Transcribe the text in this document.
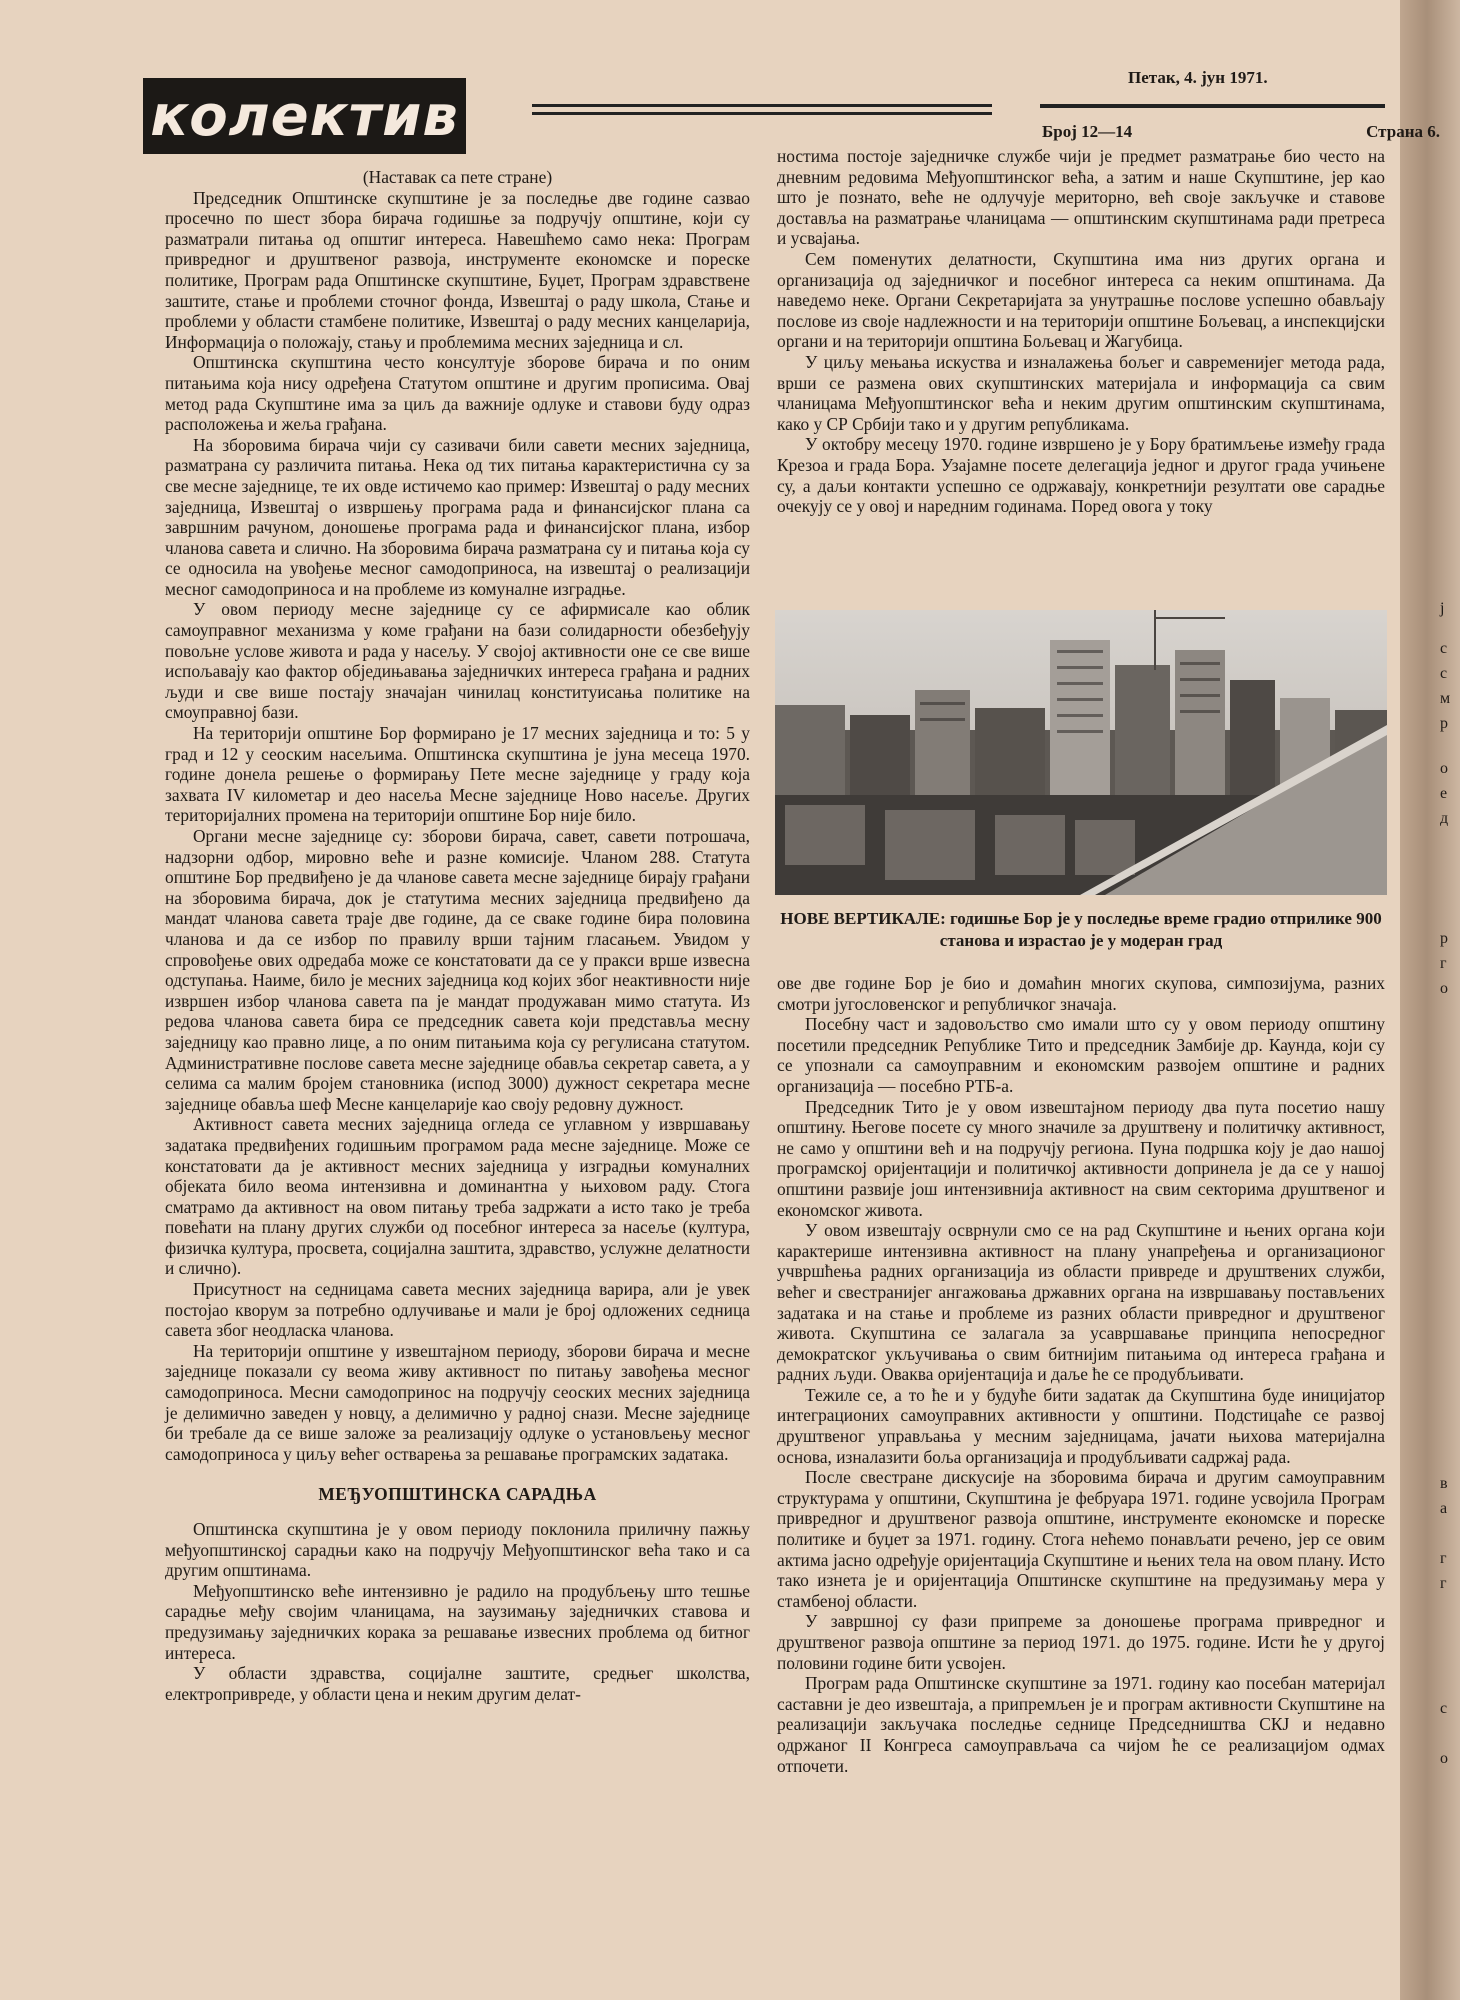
колектив
Петак, 4. јун 1971.
Број 12—14	Страна 6.

(Наставак са пете стране)

Председник Општинске скупштине је за последње две године сазвао просечно по шест збора бирача годишње за подручју општине, који су разматрали питања од општиг интереса. Навешћемо само нека: Програм привредног и друштвеног развоја, инструменте економске и пореске политике, Програм рада Општинске скупштине, Буџет, Програм здравствене заштите, стање и проблеми сточног фонда, Извештај о раду школа, Стање и проблеми у области стамбене политике, Извештај о раду месних канцеларија, Информација о положају, стању и проблемима месних заједница и сл.

Општинска скупштина често консултује зборове бирача и по оним питањима која нису одређена Статутом општине и другим прописима. Овај метод рада Скупштине има за циљ да важније одлуке и ставови буду одраз расположења и жеља грађана.

На зборовима бирача чији су сазивачи били савети месних заједница, разматрана су различита питања. Нека од тих питања карактеристична су за све месне заједнице, те их овде истичемо као пример: Извештај о раду месних заједница, Извештај о извршењу програма рада и финансијског плана са завршним рачуном, доношење програма рада и финансијског плана, избор чланова савета и слично. На зборовима бирача разматрана су и питања која су се односила на увођење месног самодоприноса, на извештај о реализацији месног самодоприноса и на проблеме из комуналне изградње.

У овом периоду месне заједнице су се афирмисале као облик самоуправног механизма у коме грађани на бази солидарности обезбеђују повољне услове живота и рада у насељу. У својој активности оне се све више испољавају као фактор обједињавања заједничких интереса грађана и радних људи и све више постају значајан чинилац конституисања политике на смоуправној бази.

На територији општине Бор формирано је 17 месних заједница и то: 5 у град и 12 у сеоским насељима. Општинска скупштина је јуна месеца 1970. године донела решење о формирању Пете месне заједнице у граду која захвата IV километар и део насеља Месне заједнице Ново насеље. Других територијалних промена на територији општине Бор није било.

Органи месне заједнице су: зборови бирача, савет, савети потрошача, надзорни одбор, мировно веће и разне комисије. Чланом 288. Статута општине Бор предвиђено је да чланове савета месне заједнице бирају грађани на зборовима бирача, док је статутима месних заједница предвиђено да мандат чланова савета траје две године, да се сваке године бира половина чланова и да се избор по правилу врши тајним гласањем. Увидом у спровођење ових одредаба може се констатовати да се у пракси врше извесна одступања. Наиме, било је месних заједница код којих због неактивности није извршен избор чланова савета па је мандат продужаван мимо статута. Из редова чланова савета бира се председник савета који представља месну заједницу као правно лице, а по оним питањима која су регулисана статутом. Административне послове савета месне заједнице обавља секретар савета, а у селима са малим бројем становника (испод 3000) дужност секретара месне заједнице обавља шеф Месне канцеларије као своју редовну дужност.

Активност савета месних заједница огледа се углавном у извршавању задатака предвиђених годишњим програмом рада месне заједнице. Може се констатовати да је активност месних заједница у изградњи комуналних објеката било веома интензивна и доминантна у њиховом раду. Стога сматрамо да активност на овом питању треба задржати а исто тако је треба повећати на плану других служби од посебног интереса за насеље (култура, физичка култура, просвета, социјална заштита, здравство, услужне делатности и слично).

Присутност на седницама савета месних заједница варира, али је увек постојао кворум за потребно одлучивање и мали је број одложених седница савета због неодласка чланова.

На територији општине у извештајном периоду, зборови бирача и месне заједнице показали су веома живу активност по питању завођења месног самодоприноса. Месни самодопринос на подручју сеоских месних заједница је делимично заведен у новцу, а делимично у радној снази. Месне заједнице би требале да се више заложе за реализацију одлуке о установљењу месног самодоприноса у циљу већег остварења за решавање програмских задатака.

МЕЂУОПШТИНСКА САРАДЊА

Општинска скупштина је у овом периоду поклонила приличну пажњу међуопштинској сарадњи како на подручју Међуопштинског већа тако и са другим општинама.

Међуопштинско веће интензивно је радило на продубљењу што тешње сарадње међу својим чланицама, на заузимању заједничких ставова и предузимању заједничких корака за решавање извесних проблема од битног интереса.

У области здравства, социјалне заштите, средњег школства, електропривреде, у области цена и неким другим делат-

ностима постоје заједничке службе чији је предмет разматрање био често на дневним редовима Међуопштинског већа, а затим и наше Скупштине, јер као што је познато, веће не одлучује меритoрно, већ своје закључке и ставове доставља на разматрање чланицама — општинским скупштинама ради претреса и усвајања.

Сем поменутих делатности, Скупштина има низ других органа и организација од заједничког и посебног интереса са неким општинама. Да наведемо неке. Органи Секретаријата за унутрашње послове успешно обављају послове из своје надлежности и на територији општине Бољевац, а инспекцијски органи и на територији општина Бољевац и Жагубица.

У циљу мењања искуства и изналажења бољег и савременијег метода рада, врши се размена ових скупштинских материјала и информација са свим чланицама Међуопштинског већа и неким другим општинским скупштинама, како у СР Србији тако и у другим републикама.

У октобру месецу 1970. године извршено је у Бору братимљење између града Крезоа и града Бора. Узајамне посете делегација једног и другог града учињене су, а даљи контакти успешно се одржавају, конкретнији резултати ове сарадње очекују се у овој и наредним годинама. Поред овога у току

НОВЕ ВЕРТИКАЛЕ: годишње Бор је у последње време градио отприлике 900 станова и израстао је у модеран град

ове две године Бор је био и домаћин многих скупова, симпозијума, разних смотри југословенског и републичког значаја.

Посебну част и задовољство смо имали што су у овом периоду општину посетили председник Републике Тито и председник Замбије др. Каунда, који су се упознали са самоуправним и економским развојем општине и радних организација — посебно РТБ-а.

Председник Тито је у овом извештајном периоду два пута посетио нашу општину. Његове посете су много значиле за друштвену и политичку активност, не само у општини већ и на подручју региона. Пуна подршка коју је дао нашој програмској оријентацији и политичкој активности допринела је да се у нашој општини развије још интензивнија активност на свим секторима друштвеног и економског живота.

У овом извештају осврнули смо се на рад Скупштине и њених органа који карактерише интензивна активност на плану унапређења и организационог учвршћења радних организација из области привреде и друштвених служби, већег и свестранијег ангажовања државних органа на извршавању постављених задатака и на стање и проблеме из разних области привредног и друштвеног живота. Скупштина се залагала за усавршавање принципа непосредног демократског укључивања о свим битнијим питањима од интереса грађана и радних људи. Оваква оријентација и даље ће се продубљивати.

Тежиле се, а то ће и у будуће бити задатак да Скупштина буде иницијатор интеграционих самоуправних активности у општини. Подстицаће се развој друштвеног управљања у месним заједницама, јачати њихова материјална основа, изналазити боља организација и продубљивати садржај рада.

После свестране дискусије на зборовима бирача и другим самоуправним структурама у општини, Скупштина је фебруара 1971. године усвојила Програм привредног и друштвеног развоја општине, инструменте економске и пореске политике и буџет за 1971. годину. Стога нећемо понављати речено, јер се овим актима јасно одређује оријентација Скупштине и њених тела на овом плану. Исто тако изнета је и оријентација Општинске скупштине на предузимању мера у стамбеној области.

У завршној су фази припреме за доношење програма привредног и друштвеног развоја општине за период 1971. до 1975. године. Исти ће у другој половини године бити усвојен.

Програм рада Општинске скупштине за 1971. годину као посебан материјал саставни је део извештаја, а припремљен је и програм активности Скупштине на реализацији закључака последње седнице Председништва СКЈ и недавно одржаног II Конгреса самоуправљача са чијом ће се реализацијом одмах отпочети.

ј
с
с
м
р
о
е
д
р
г
о
в
а
г
г
с
о
